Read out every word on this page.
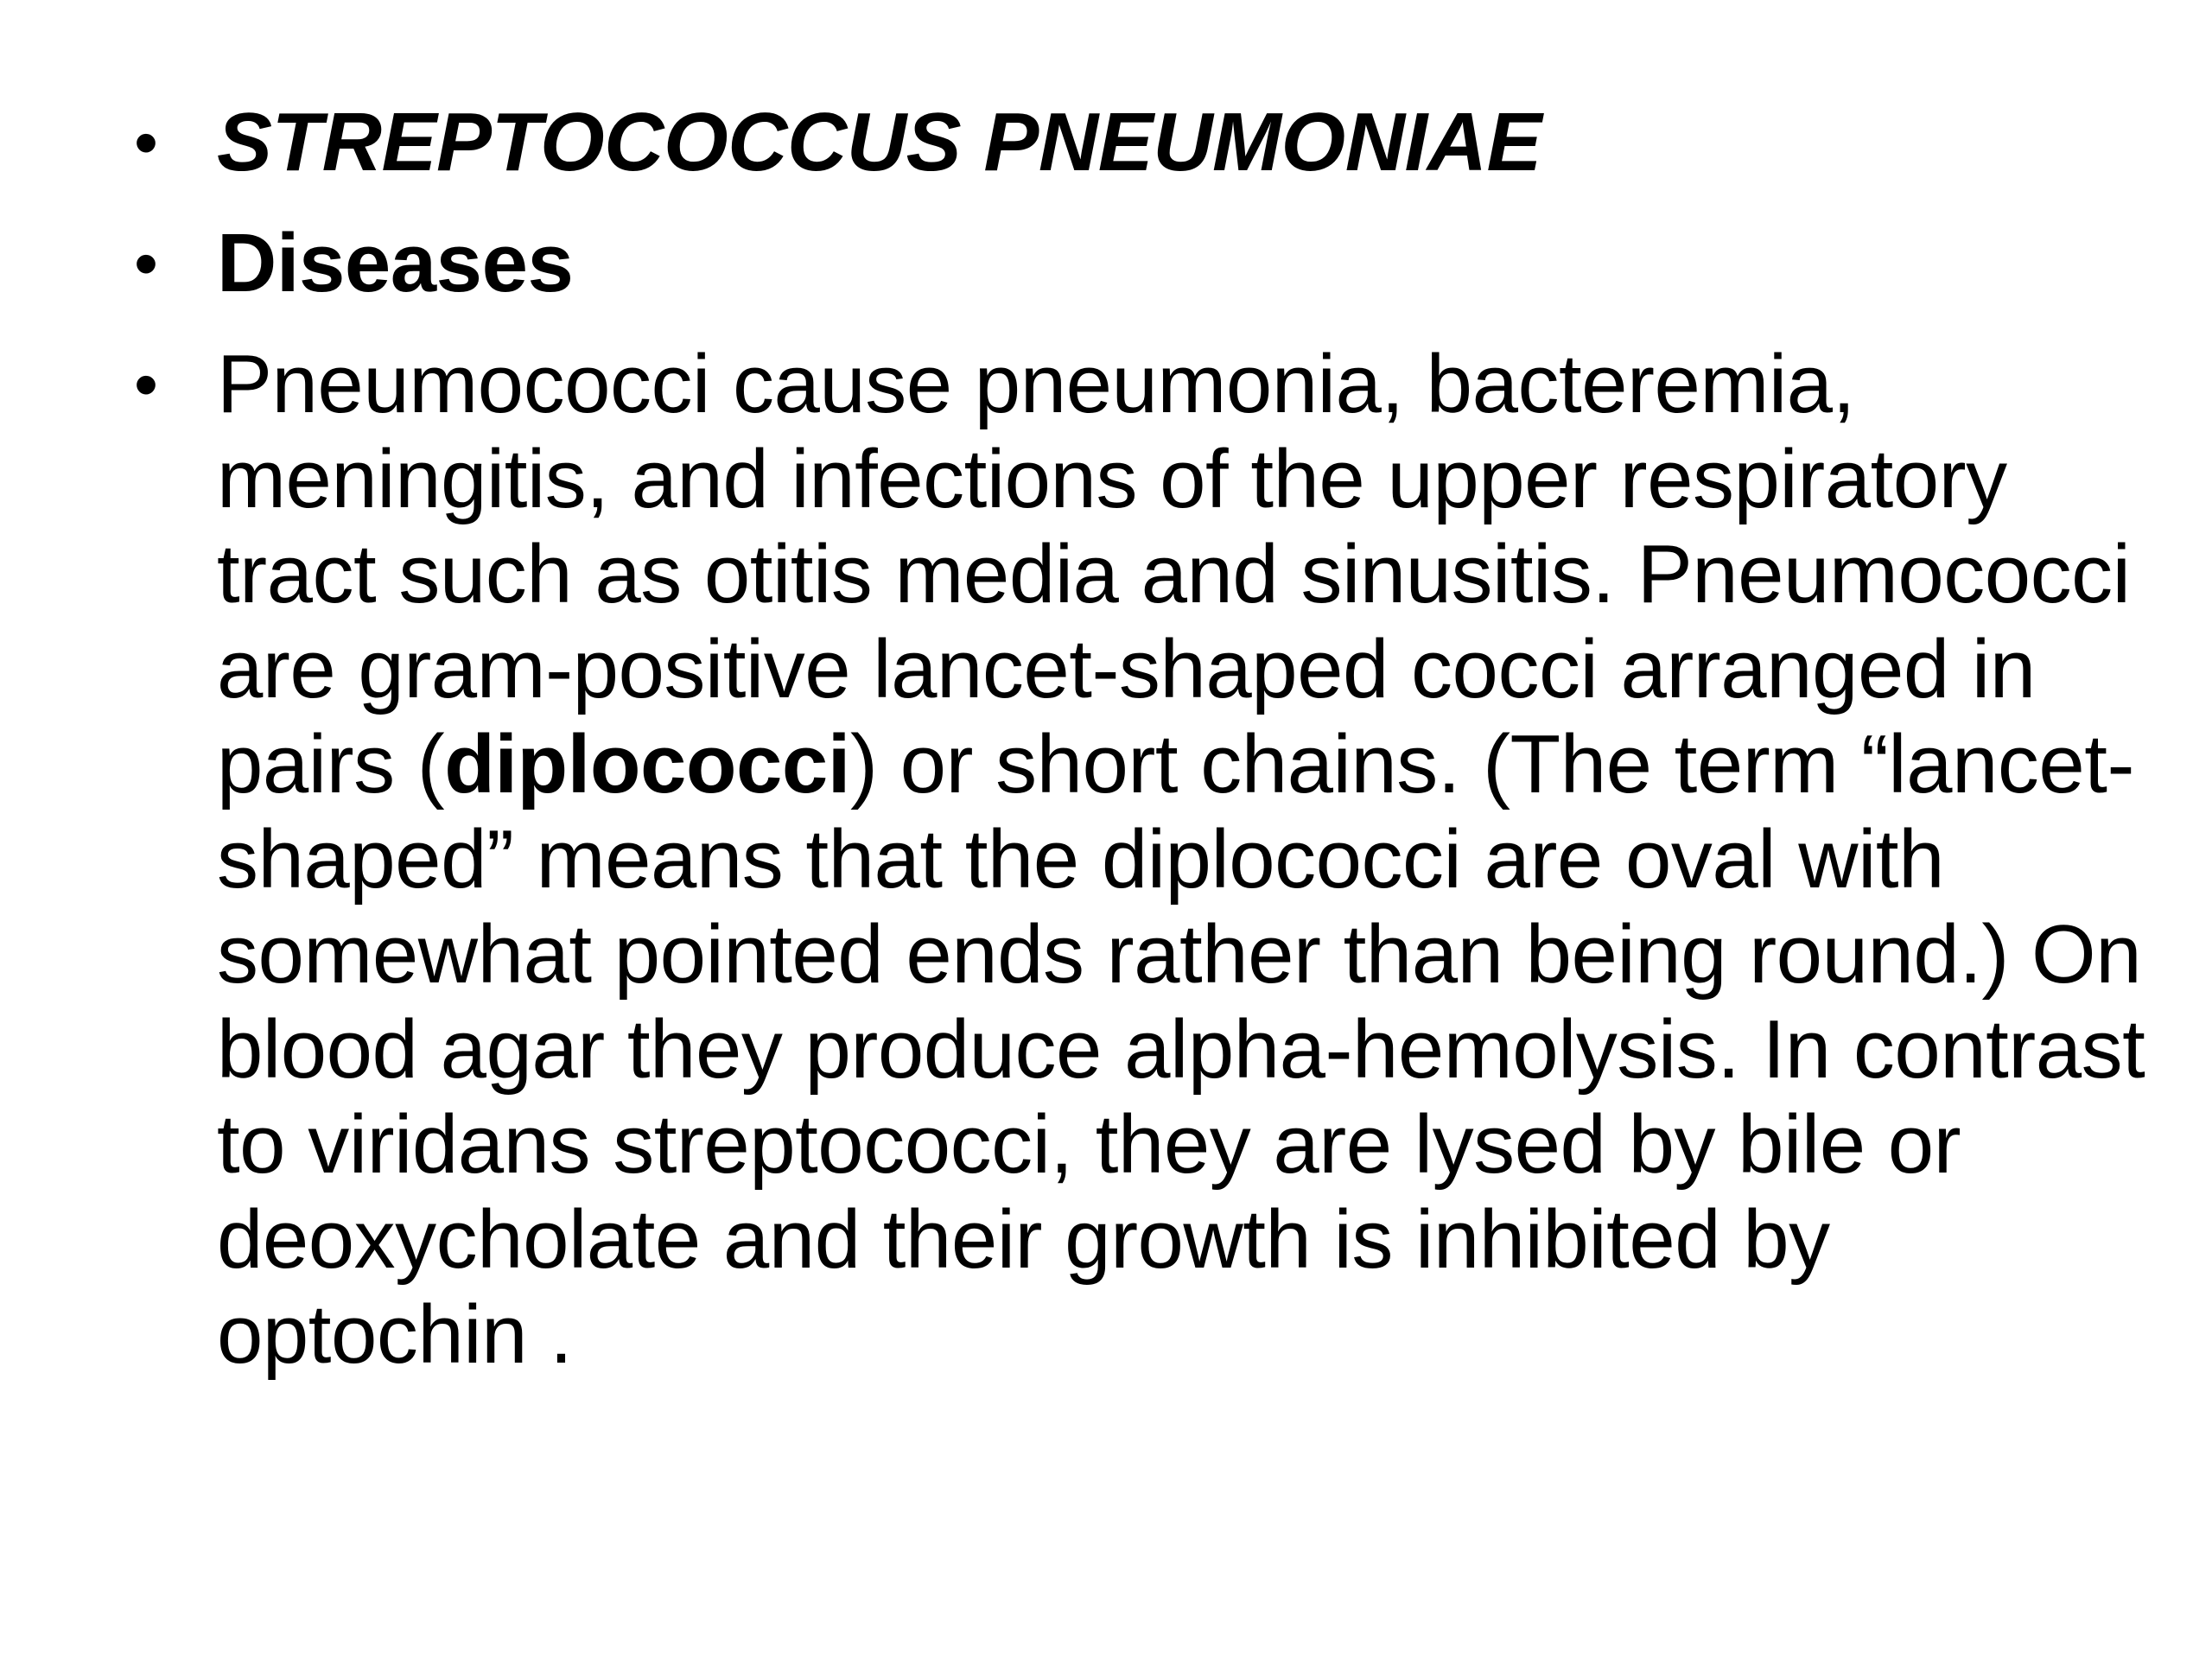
• STREPTOCOCCUS PNEUMONIAE
• Diseases
• Pneumococci cause pneumonia, bacteremia, meningitis, and infections of the upper respiratory tract such as otitis media and sinusitis. Pneumococci are gram-positive lancet-shaped cocci arranged in pairs (diplococci) or short chains. (The term “lancet-shaped” means that the diplococci are oval with somewhat pointed ends rather than being round.) On blood agar they produce alpha-hemolysis. In contrast to viridans streptococci, they are lysed by bile or deoxycholate and their growth is inhibited by optochin .
